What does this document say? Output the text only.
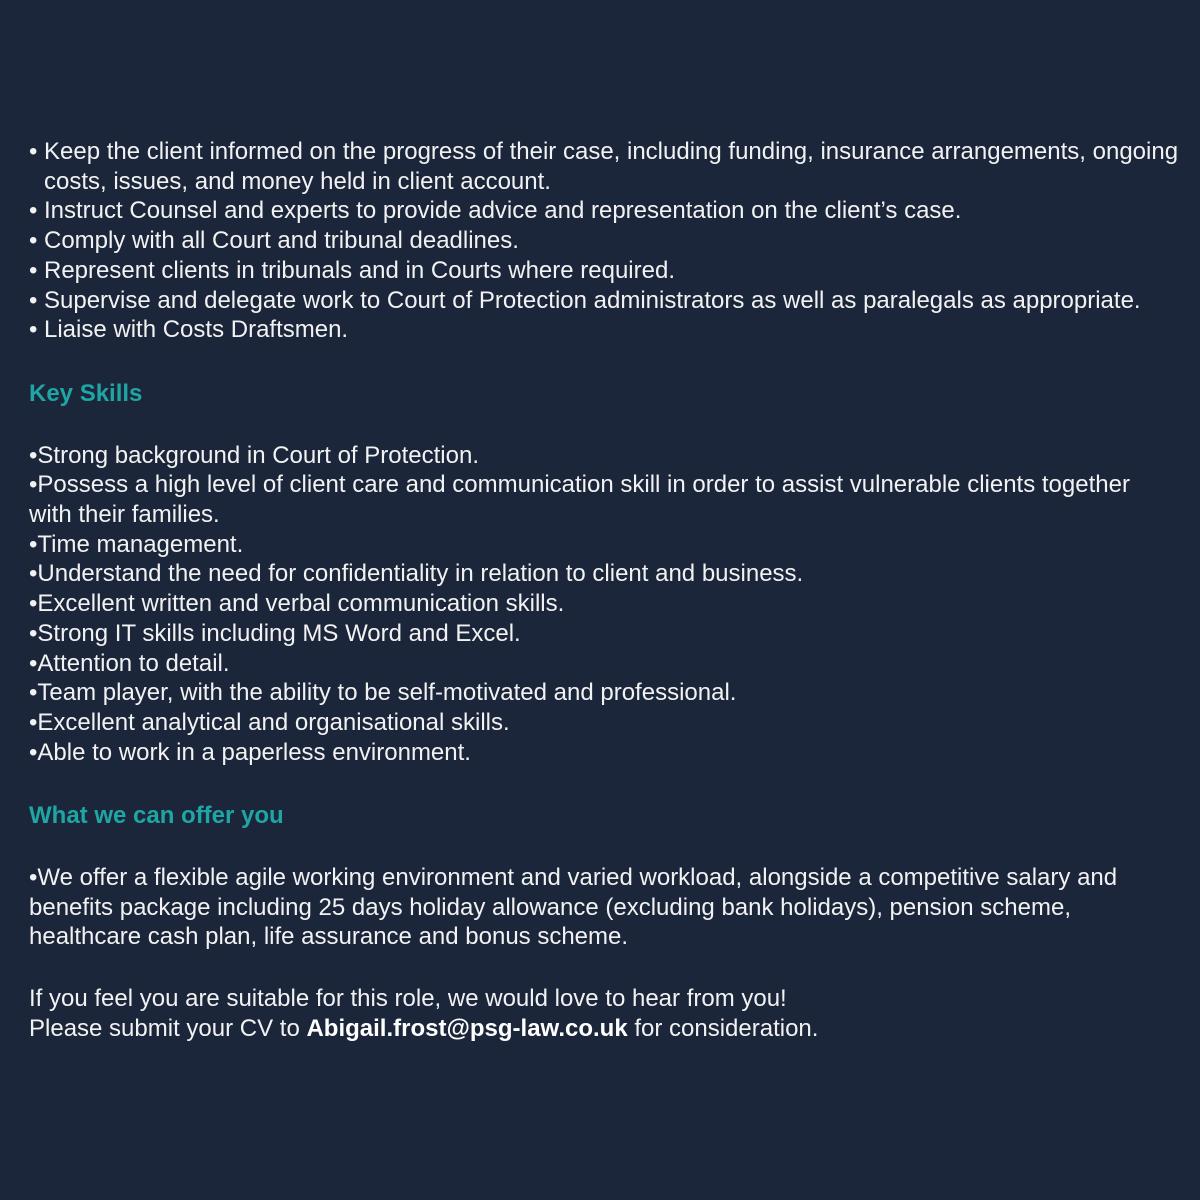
• Keep the client informed on the progress of their case, including funding, insurance arrangements, ongoing costs, issues, and money held in client account.
• Instruct Counsel and experts to provide advice and representation on the client’s case.
• Comply with all Court and tribunal deadlines.
• Represent clients in tribunals and in Courts where required.
• Supervise and delegate work to Court of Protection administrators as well as paralegals as appropriate.
• Liaise with Costs Draftsmen.
Key Skills
•Strong background in Court of Protection.
•Possess a high level of client care and communication skill in order to assist vulnerable clients together with their families.
•Time management.
•Understand the need for confidentiality in relation to client and business.
•Excellent written and verbal communication skills.
•Strong IT skills including MS Word and Excel.
•Attention to detail.
•Team player, with the ability to be self-motivated and professional.
•Excellent analytical and organisational skills.
•Able to work in a paperless environment.
What we can offer you
•We offer a flexible agile working environment and varied workload, alongside a competitive salary and benefits package including 25 days holiday allowance (excluding bank holidays), pension scheme, healthcare cash plan, life assurance and bonus scheme.
If you feel you are suitable for this role, we would love to hear from you!
Please submit your CV to Abigail.frost@psg-law.co.uk for consideration.
